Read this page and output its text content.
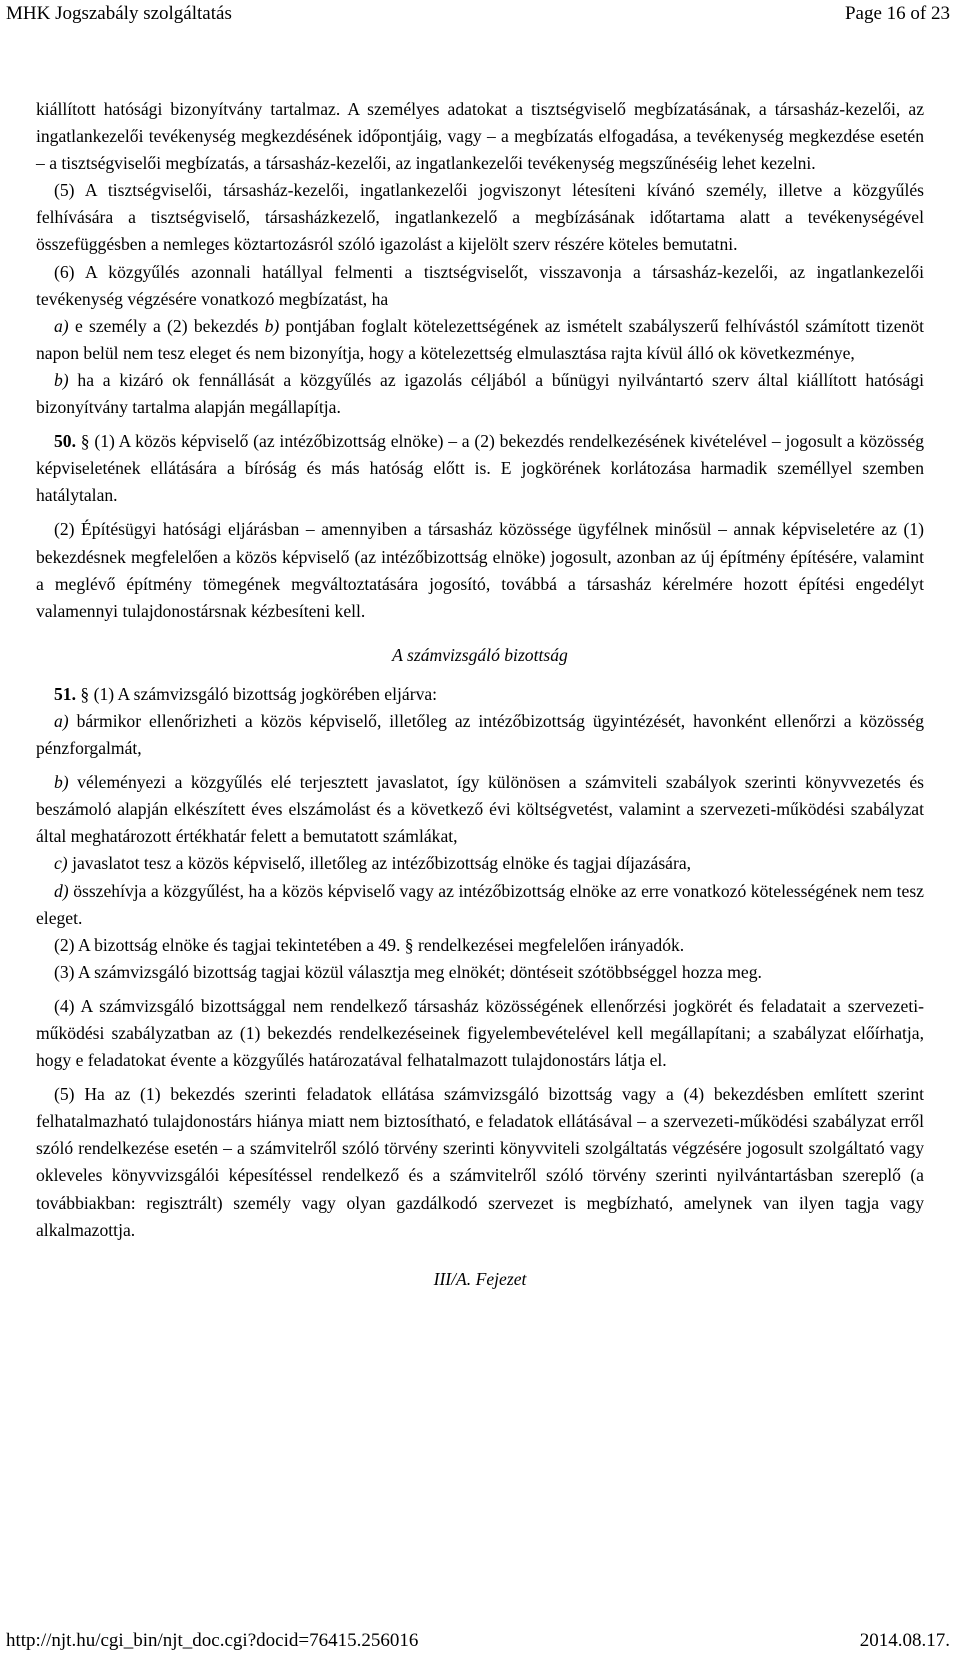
MHK Jogszabály szolgáltatás	Page 16 of 23

kiállított hatósági bizonyítvány tartalmaz. A személyes adatokat a tisztségviselő megbízatásának, a társasház-kezelői, az ingatlankezelői tevékenység megkezdésének időpontjáig, vagy – a megbízatás elfogadása, a tevékenység megkezdése esetén – a tisztségviselői megbízatás, a társasház-kezelői, az ingatlankezelői tevékenység megszűnéséig lehet kezelni.

(5) A tisztségviselői, társasház-kezelői, ingatlankezelői jogviszonyt létesíteni kívánó személy, illetve a közgyűlés felhívására a tisztségviselő, társasházkezelő, ingatlankezelő a megbízásának időtartama alatt a tevékenységével összefüggésben a nemleges köztartozásról szóló igazolást a kijelölt szerv részére köteles bemutatni.

(6) A közgyűlés azonnali hatállyal felmenti a tisztségviselőt, visszavonja a társasház-kezelői, az ingatlankezelői tevékenység végzésére vonatkozó megbízatást, ha

a) e személy a (2) bekezdés b) pontjában foglalt kötelezettségének az ismételt szabályszerű felhívástól számított tizenöt napon belül nem tesz eleget és nem bizonyítja, hogy a kötelezettség elmulasztása rajta kívül álló ok következménye,

b) ha a kizáró ok fennállását a közgyűlés az igazolás céljából a bűnügyi nyilvántartó szerv által kiállított hatósági bizonyítvány tartalma alapján megállapítja.

50. § (1) A közös képviselő (az intézőbizottság elnöke) – a (2) bekezdés rendelkezésének kivételével – jogosult a közösség képviseletének ellátására a bíróság és más hatóság előtt is. E jogkörének korlátozása harmadik személlyel szemben hatálytalan.

(2) Építésügyi hatósági eljárásban – amennyiben a társasház közössége ügyfélnek minősül – annak képviseletére az (1) bekezdésnek megfelelően a közös képviselő (az intézőbizottság elnöke) jogosult, azonban az új építmény építésére, valamint a meglévő építmény tömegének megváltoztatására jogosító, továbbá a társasház kérelmére hozott építési engedélyt valamennyi tulajdonostársnak kézbesíteni kell.

A számvizsgáló bizottság

51. § (1) A számvizsgáló bizottság jogkörében eljárva:

a) bármikor ellenőrizheti a közös képviselő, illetőleg az intézőbizottság ügyintézését, havonként ellenőrzi a közösség pénzforgalmát,

b) véleményezi a közgyűlés elé terjesztett javaslatot, így különösen a számviteli szabályok szerinti könyvvezetés és beszámoló alapján elkészített éves elszámolást és a következő évi költségvetést, valamint a szervezeti-működési szabályzat által meghatározott értékhatár felett a bemutatott számlákat,

c) javaslatot tesz a közös képviselő, illetőleg az intézőbizottság elnöke és tagjai díjazására,

d) összehívja a közgyűlést, ha a közös képviselő vagy az intézőbizottság elnöke az erre vonatkozó kötelességének nem tesz eleget.

(2) A bizottság elnöke és tagjai tekintetében a 49. § rendelkezései megfelelően irányadók.

(3) A számvizsgáló bizottság tagjai közül választja meg elnökét; döntéseit szótöbbséggel hozza meg.

(4) A számvizsgáló bizottsággal nem rendelkező társasház közösségének ellenőrzési jogkörét és feladatait a szervezeti-működési szabályzatban az (1) bekezdés rendelkezéseinek figyelembevételével kell megállapítani; a szabályzat előírhatja, hogy e feladatokat évente a közgyűlés határozatával felhatalmazott tulajdonostárs látja el.

(5) Ha az (1) bekezdés szerinti feladatok ellátása számvizsgáló bizottság vagy a (4) bekezdésben említett szerint felhatalmazható tulajdonostárs hiánya miatt nem biztosítható, e feladatok ellátásával – a szervezeti-működési szabályzat erről szóló rendelkezése esetén – a számvitelről szóló törvény szerinti könyvviteli szolgáltatás végzésére jogosult szolgáltató vagy okleveles könyvvizsgálói képesítéssel rendelkező és a számvitelről szóló törvény szerinti nyilvántartásban szereplő (a továbbiakban: regisztrált) személy vagy olyan gazdálkodó szervezet is megbízható, amelynek van ilyen tagja vagy alkalmazottja.

III/A. Fejezet

http://njt.hu/cgi_bin/njt_doc.cgi?docid=76415.256016	2014.08.17.
